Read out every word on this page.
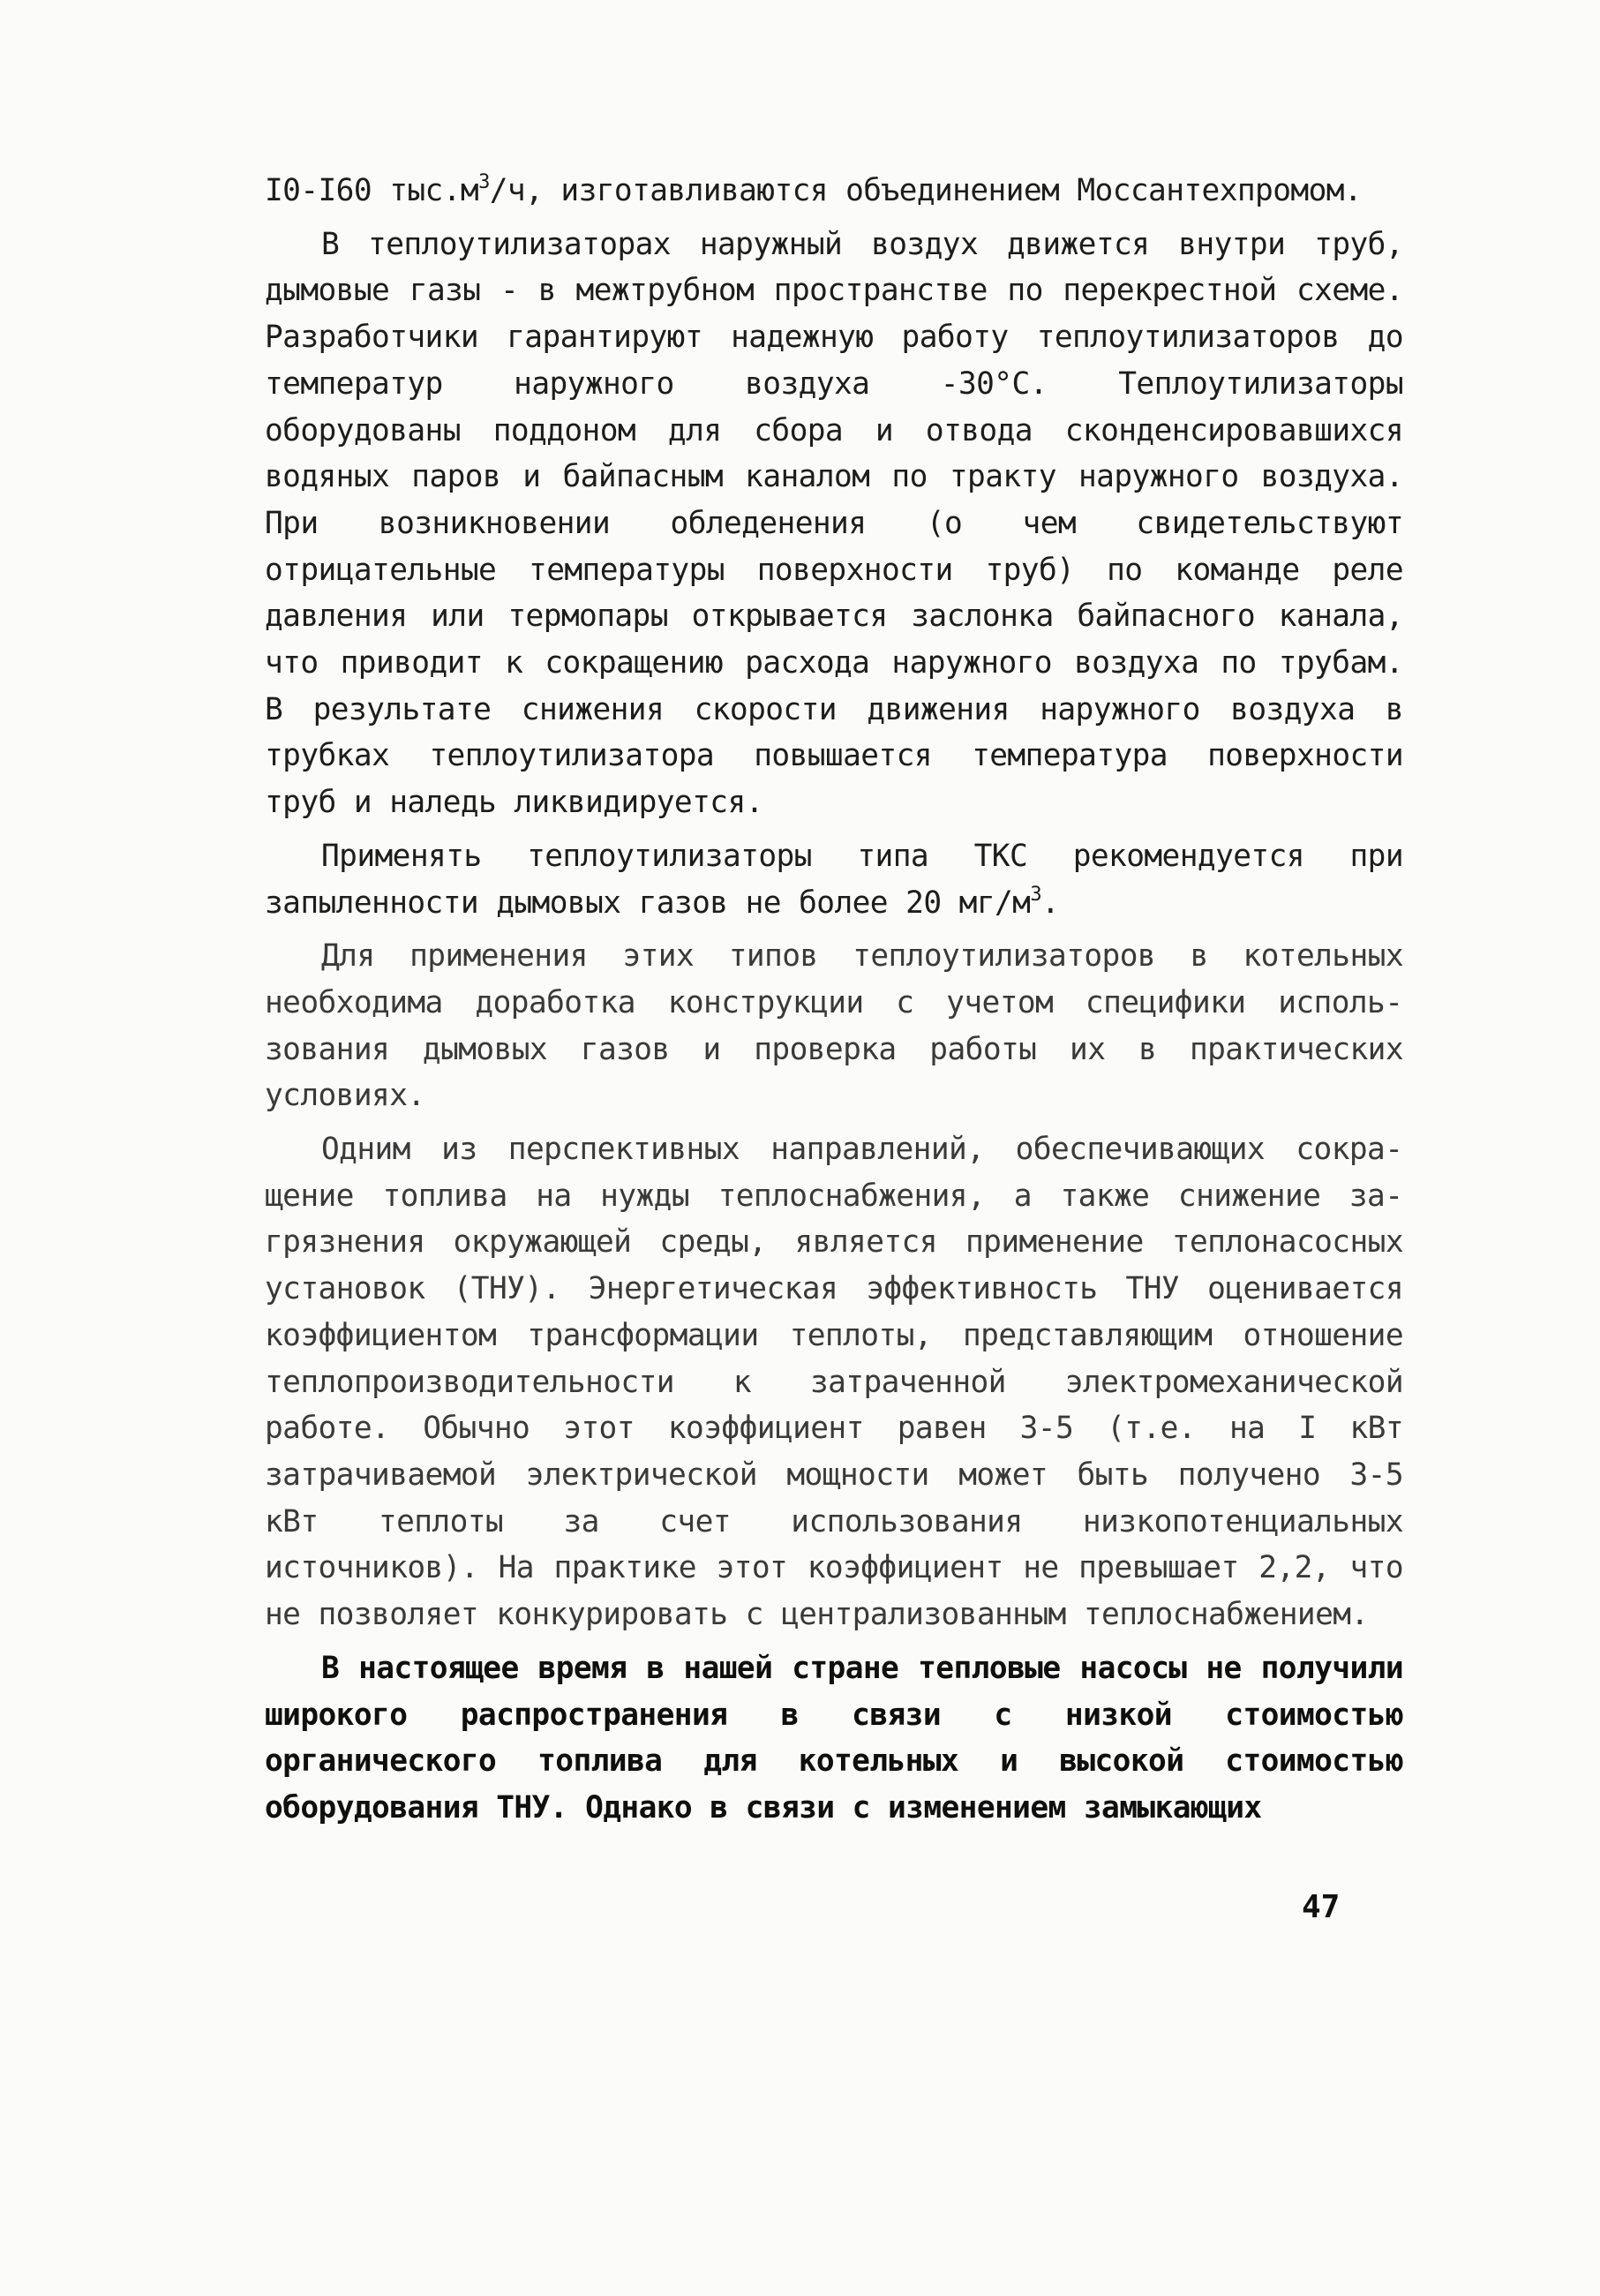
I0-I60 $тыс.м^3/ч$, изготавливаются объединением Моссантехпромом.

В теплоутилизаторах наружный воздух движется внутри труб, дымовые газы - в межтрубном пространстве по перекрестной схеме. Разработчики гарантируют надежную работу теплоутилизаторов до температур наружного воздуха -30°С. Теплоутилизаторы оборудованы поддоном для сбора и отвода сконденсировавшихся водяных паров и байпасным каналом по тракту наружного воздуха. При возникновении обледенения (о чем свидетельствуют отрицательные температуры поверхности труб) по команде реле давления или термопары открывается заслонка байпасного канала, что приводит к сокращению расхода наружного воздуха по трубам. В результате снижения скорости движения наружного воздуха в трубках теплоутилизатора повышается температура поверхности труб и наледь ликвидируется.

Применять теплоутилизаторы типа ТКС рекомендуется при запыленности дымовых газов не более 20 $мг/м^3$.

Для применения этих типов теплоутилизаторов в котельных необходима доработка конструкции с учетом специфики использования дымовых газов и проверка работы их в практических условиях.

Одним из перспективных направлений, обеспечивающих сокращение топлива на нужды теплоснабжения, а также снижение загрязнения окружающей среды, является применение теплонасосных установок (ТНУ). Энергетическая эффективность ТНУ оценивается коэффициентом трансформации теплоты, представляющим отношение теплопроизводительности к затраченной электромеханической работе. Обычно этот коэффициент равен 3-5 (т.е. на I кВт затрачиваемой электрической мощности может быть получено 3-5 кВт теплоты за счет использования низкопотенциальных источников). На практике этот коэффициент не превышает 2,2, что не позволяет конкурировать с централизованным теплоснабжением.

В настоящее время в нашей стране тепловые насосы не получили широкого распространения в связи с низкой стоимостью органического топлива для котельных и высокой стоимостью оборудования ТНУ. Однако в связи с изменением замыкающих

47
